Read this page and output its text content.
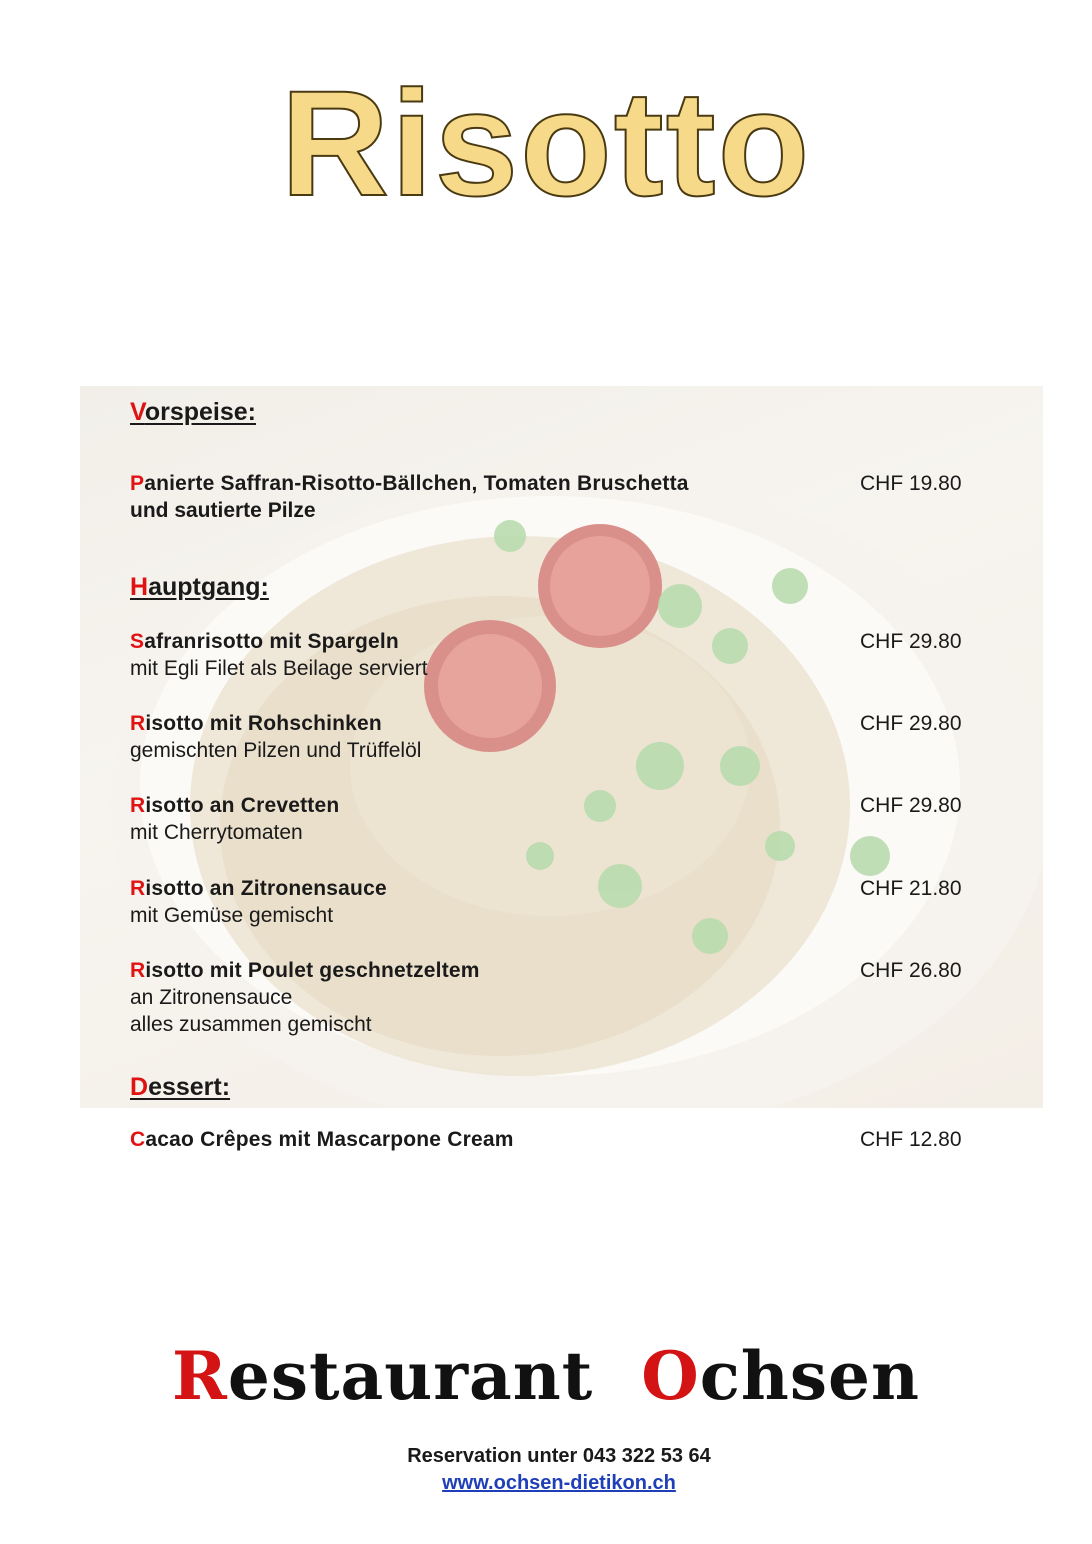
Risotto
Vorspeise:
Panierte Saffran-Risotto-Bällchen, Tomaten Bruschetta
und sautierte Pilze
CHF 19.80
Hauptgang:
Safranrisotto mit Spargeln
mit Egli Filet als Beilage serviert
CHF 29.80
Risotto mit Rohschinken
gemischten Pilzen und Trüffelöl
CHF 29.80
Risotto an Crevetten
mit Cherrytomaten
CHF 29.80
Risotto an Zitronensauce
mit Gemüse gemischt
CHF 21.80
Risotto mit Poulet geschnetzeltem
an Zitronensauce
alles zusammen gemischt
CHF 26.80
Dessert:
Cacao Crêpes mit Mascarpone Cream	CHF 12.80
Restaurant Ochsen
Reservation unter 043 322 53 64
www.ochsen-dietikon.ch
